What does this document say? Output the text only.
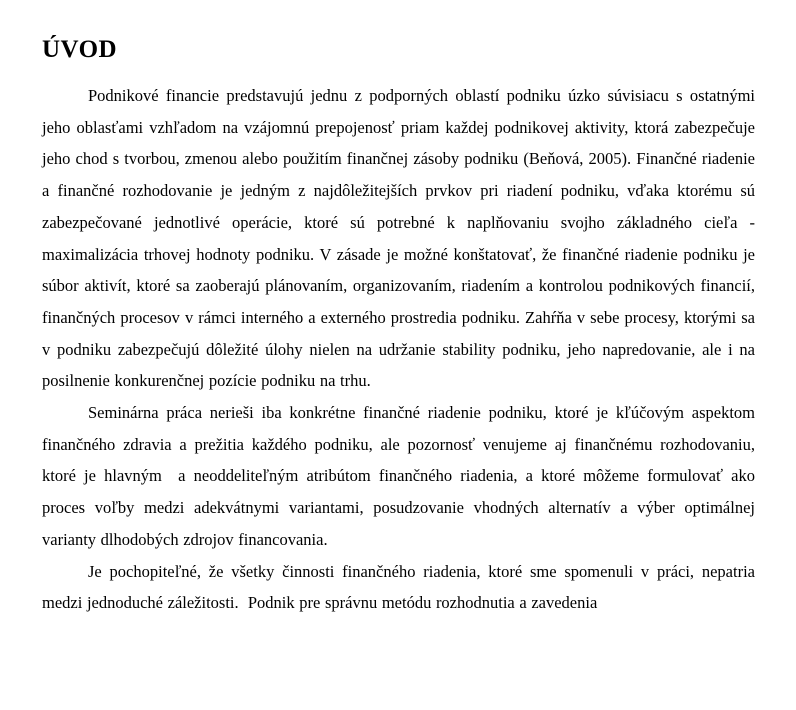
ÚVOD

Podnikové financie predstavujú jednu z podporných oblastí podniku úzko súvisiacu s ostatnými jeho oblasťami vzhľadom na vzájomnú prepojenosť priam každej podnikovej aktivity, ktorá zabezpečuje jeho chod s tvorbou, zmenou alebo použitím finančnej zásoby podniku (Beňová, 2005). Finančné riadenie a finančné rozhodovanie je jedným z najdôležitejších prvkov pri riadení podniku, vďaka ktorému sú zabezpečované jednotlivé operácie, ktoré sú potrebné k naplňovaniu svojho základného cieľa - maximalizácia trhovej hodnoty podniku. V zásade je možné konštatovať, že finančné riadenie podniku je súbor aktivít, ktoré sa zaoberajú plánovaním, organizovaním, riadením a kontrolou podnikových financií, finančných procesov v rámci interného a externého prostredia podniku. Zahŕňa v sebe procesy, ktorými sa v podniku zabezpečujú dôležité úlohy nielen na udržanie stability podniku, jeho napredovanie, ale i na posilnenie konkurenčnej pozície podniku na trhu.

Seminárna práca nerieši iba konkrétne finančné riadenie podniku, ktoré je kľúčovým aspektom finančného zdravia a prežitia každého podniku, ale pozornosť venujeme aj finančnému rozhodovaniu, ktoré je hlavným  a neoddeliteľným atribútom finančného riadenia, a ktoré môžeme formulovať ako proces voľby medzi adekvátnymi variantami, posudzovanie vhodných alternatív a výber optimálnej varianty dlhodobých zdrojov financovania.

Je pochopiteľné, že všetky činnosti finančného riadenia, ktoré sme spomenuli v práci, nepatria medzi jednoduché záležitosti.  Podnik pre správnu metódu rozhodnutia a zavedenia
